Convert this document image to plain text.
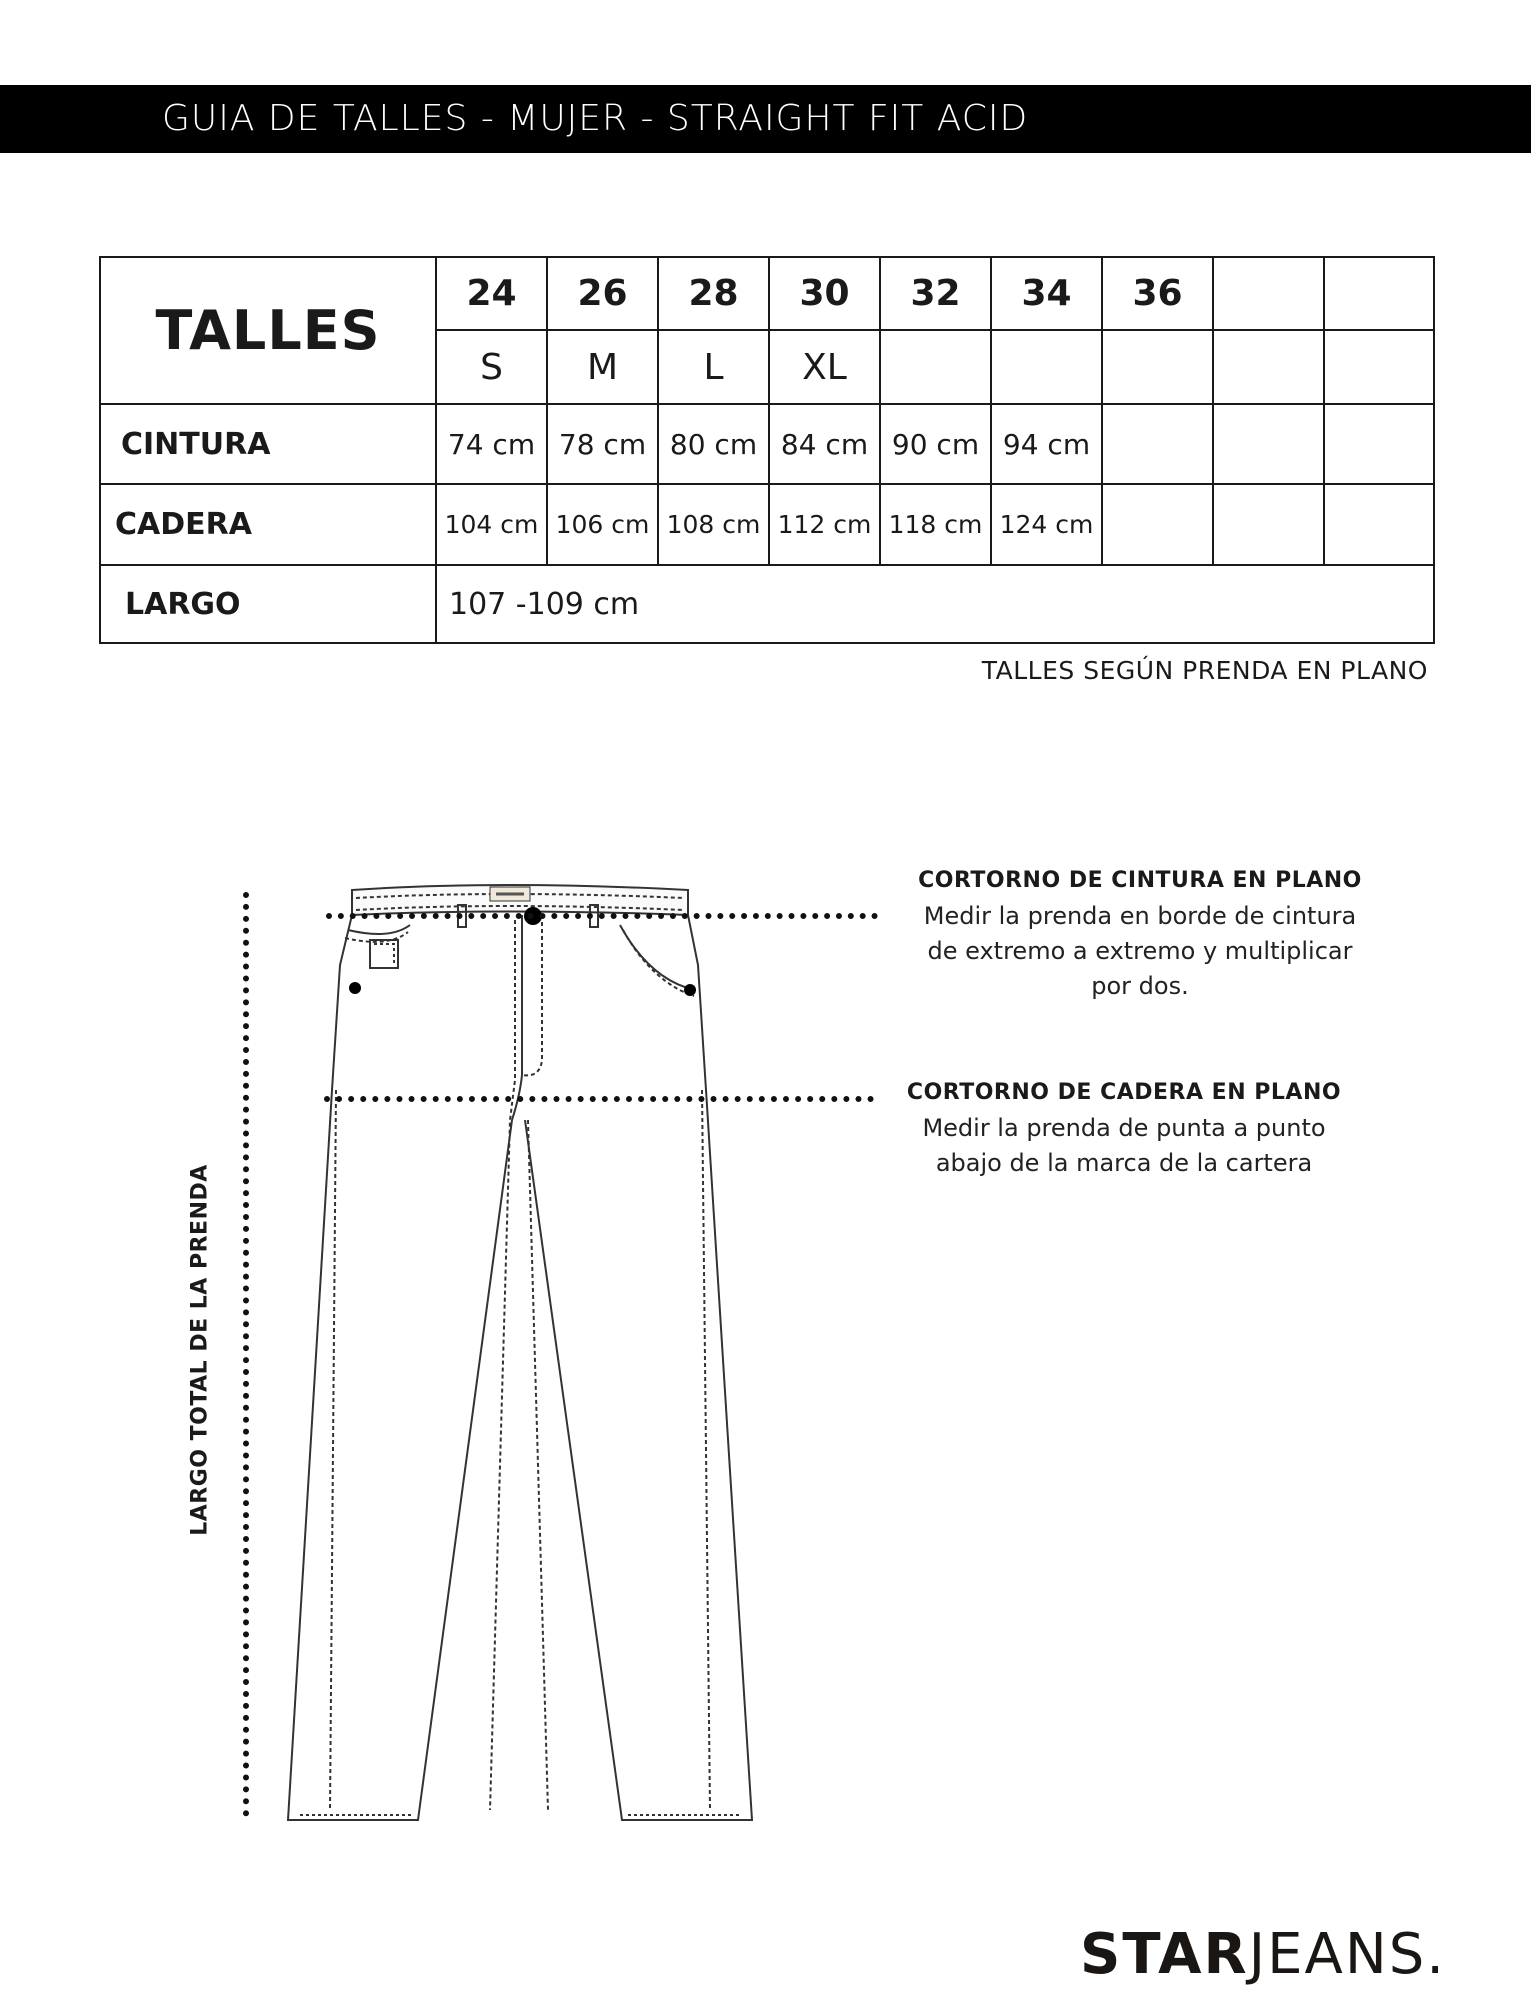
GUIA DE TALLES - MUJER - STRAIGHT FIT ACID
TALLES	24	26	28	30	32	34	36		
	S	M	L	XL					
CINTURA	74 cm	78 cm	80 cm	84 cm	90 cm	94 cm			
CADERA	104 cm	106 cm	108 cm	112 cm	118 cm	124 cm			
LARGO	107 -109 cm								
TALLES SEGÚN PRENDA EN PLANO
LARGO TOTAL DE LA PRENDA
CORTORNO DE CINTURA EN PLANO
Medir la prenda en borde de cintura
de extremo a extremo y multiplicar
por dos.
CORTORNO DE CADERA EN PLANO
Medir la prenda de punta a punto
abajo de la marca de la cartera
STARJEANS.
